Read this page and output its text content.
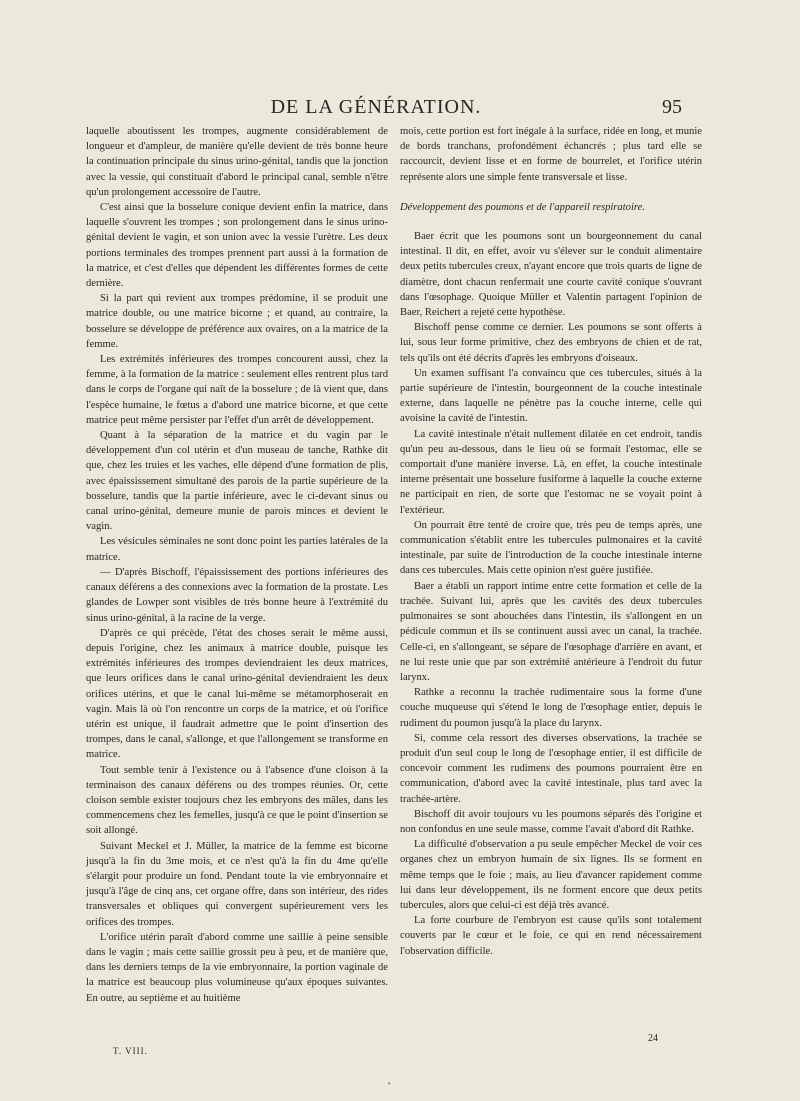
DE LA GÉNÉRATION.	95

laquelle aboutissent les trompes, augmente considérablement de longueur et d'ampleur, de manière qu'elle devient de très bonne heure la continuation principale du sinus urino-génital, tandis que la jonction avec la vessie, qui constituait d'abord le principal canal, semble n'être qu'un prolongement accessoire de l'autre.

C'est ainsi que la bosselure conique devient enfin la matrice, dans laquelle s'ouvrent les trompes ; son prolongement dans le sinus urino-génital devient le vagin, et son union avec la vessie l'urètre. Les deux portions terminales des trompes prennent part aussi à la formation de la matrice, et c'est d'elles que dépendent les différentes formes de cette dernière.

Si la part qui revient aux trompes prédomine, il se produit une matrice double, ou une matrice bicorne ; et quand, au contraire, la bosselure se développe de préférence aux ovaires, on a la matrice de la femme.

Les extrémités inférieures des trompes concourent aussi, chez la femme, à la formation de la matrice : seulement elles rentrent plus tard dans le corps de l'organe qui naît de la bosselure ; de là vient que, dans l'espèce humaine, le fœtus a d'abord une matrice bicorne, et que cette matrice peut même persister par l'effet d'un arrêt de développement.

Quant à la séparation de la matrice et du vagin par le développement d'un col utérin et d'un museau de tanche, Rathke dit que, chez les truies et les vaches, elle dépend d'une formation de plis, avec épaississement simultané des parois de la partie supérieure de la bosselure, tandis que la partie inférieure, avec le ci-devant sinus ou canal urino-génital, demeure munie de parois minces et devient le vagin.

Les vésicules séminales ne sont donc point les parties latérales de la matrice.

— D'après Bischoff, l'épaississement des portions inférieures des canaux déférens a des connexions avec la formation de la prostate. Les glandes de Lowper sont visibles de très bonne heure à l'extrémité du sinus urino-génital, à la racine de la verge.

D'après ce qui précède, l'état des choses serait le même aussi, depuis l'origine, chez les animaux à matrice double, puisque les extrémités inférieures des trompes deviendraient les deux matrices, que leurs orifices dans le canal urino-génital deviendraient les deux orifices utérins, et que le canal lui-même se métamorphoserait en vagin. Mais là où l'on rencontre un corps de la matrice, et où l'orifice utérin est unique, il faudrait admettre que le point d'insertion des trompes, dans le canal, s'allonge, et que l'allongement se transforme en matrice.

Tout semble tenir à l'existence ou à l'absence d'une cloison à la terminaison des canaux déférens ou des trompes réunies. Or, cette cloison semble exister toujours chez les embryons des mâles, dans les commencemens chez les femelles, jusqu'à ce que le point d'insertion se soit allongé.

Suivant Meckel et J. Müller, la matrice de la femme est bicorne jusqu'à la fin du 3me mois, et ce n'est qu'à la fin du 4me qu'elle s'élargit pour produire un fond. Pendant toute la vie embryonnaire et jusqu'à l'âge de cinq ans, cet organe offre, dans son intérieur, des rides transversales et obliques qui convergent supérieurement vers les orifices des trompes.

L'orifice utérin paraît d'abord comme une saillie à peine sensible dans le vagin ; mais cette saillie grossit peu à peu, et de manière que, dans les derniers temps de la vie embryonnaire, la portion vaginale de la matrice est beaucoup plus volumineuse qu'aux époques suivantes. En outre, au septième et au huitième

mois, cette portion est fort inégale à la surface, ridée en long, et munie de bords tranchans, profondément échancrés ; plus tard elle se raccourcit, devient lisse et en forme de bourrelet, et l'orifice utérin représente alors une simple fente transversale et lisse.

Développement des poumons et de l'appareil respiratoire.

Baer écrit que les poumons sont un bourgeonnement du canal intestinal. Il dit, en effet, avoir vu s'élever sur le conduit alimentaire deux petits tubercules creux, n'ayant encore que trois quarts de ligne de diamètre, dont chacun renfermait une courte cavité conique s'ouvrant dans l'œsophage. Quoique Müller et Valentin partagent l'opinion de Baer, Reichert a rejeté cette hypothèse.

Bischoff pense comme ce dernier. Les poumons se sont offerts à lui, sous leur forme primitive, chez des embryons de chien et de rat, tels qu'ils ont été décrits d'après les embryons d'oiseaux.

Un examen suffisant l'a convaincu que ces tubercules, situés à la partie supérieure de l'intestin, bourgeonnent de la couche intestinale externe, dans laquelle ne pénètre pas la couche interne, celle qui avoisine la cavité de l'intestin.

La cavité intestinale n'était nullement dilatée en cet endroit, tandis qu'un peu au-dessous, dans le lieu où se formait l'estomac, elle se comportait d'une manière inverse. Là, en effet, la couche intestinale interne présentait une bosselure fusiforme à laquelle la couche externe ne participait en rien, de sorte que l'estomac ne se voyait point à l'extérieur.

On pourrait être tenté de croire que, très peu de temps après, une communication s'établit entre les tubercules pulmonaires et la cavité intestinale, par suite de l'introduction de la couche intestinale interne dans ces tubercules. Mais cette opinion n'est guère justifiée.

Baer a établi un rapport intime entre cette formation et celle de la trachée. Suivant lui, après que les cavités des deux tubercules pulmonaires se sont abouchées dans l'intestin, ils s'allongent en un pédicule commun et ils se continuent aussi avec un canal, la trachée. Celle-ci, en s'allongeant, se sépare de l'œsophage d'arrière en avant, et ne lui reste unie que par son extrémité antérieure à l'endroit du futur larynx.

Rathke a reconnu la trachée rudimentaire sous la forme d'une couche muqueuse qui s'étend le long de l'œsophage entier, depuis le rudiment du poumon jusqu'à la place du larynx.

Si, comme cela ressort des diverses observations, la trachée se produit d'un seul coup le long de l'œsophage entier, il est difficile de concevoir comment les rudimens des poumons pourraient être en communication, d'abord avec la cavité intestinale, plus tard avec la trachée-artère.

Bischoff dit avoir toujours vu les poumons séparés dès l'origine et non confondus en une seule masse, comme l'avait d'abord dit Rathke.

La difficulté d'observation a pu seule empêcher Meckel de voir ces organes chez un embryon humain de six lignes. Ils se forment en même temps que le foie ; mais, au lieu d'avancer rapidement comme lui dans leur développement, ils ne forment encore que deux petits tubercules, alors que celui-ci est déjà très avancé.

La forte courbure de l'embryon est cause qu'ils sont totalement couverts par le cœur et le foie, ce qui en rend nécessairement l'observation difficile.

T. VIII.
24
•
